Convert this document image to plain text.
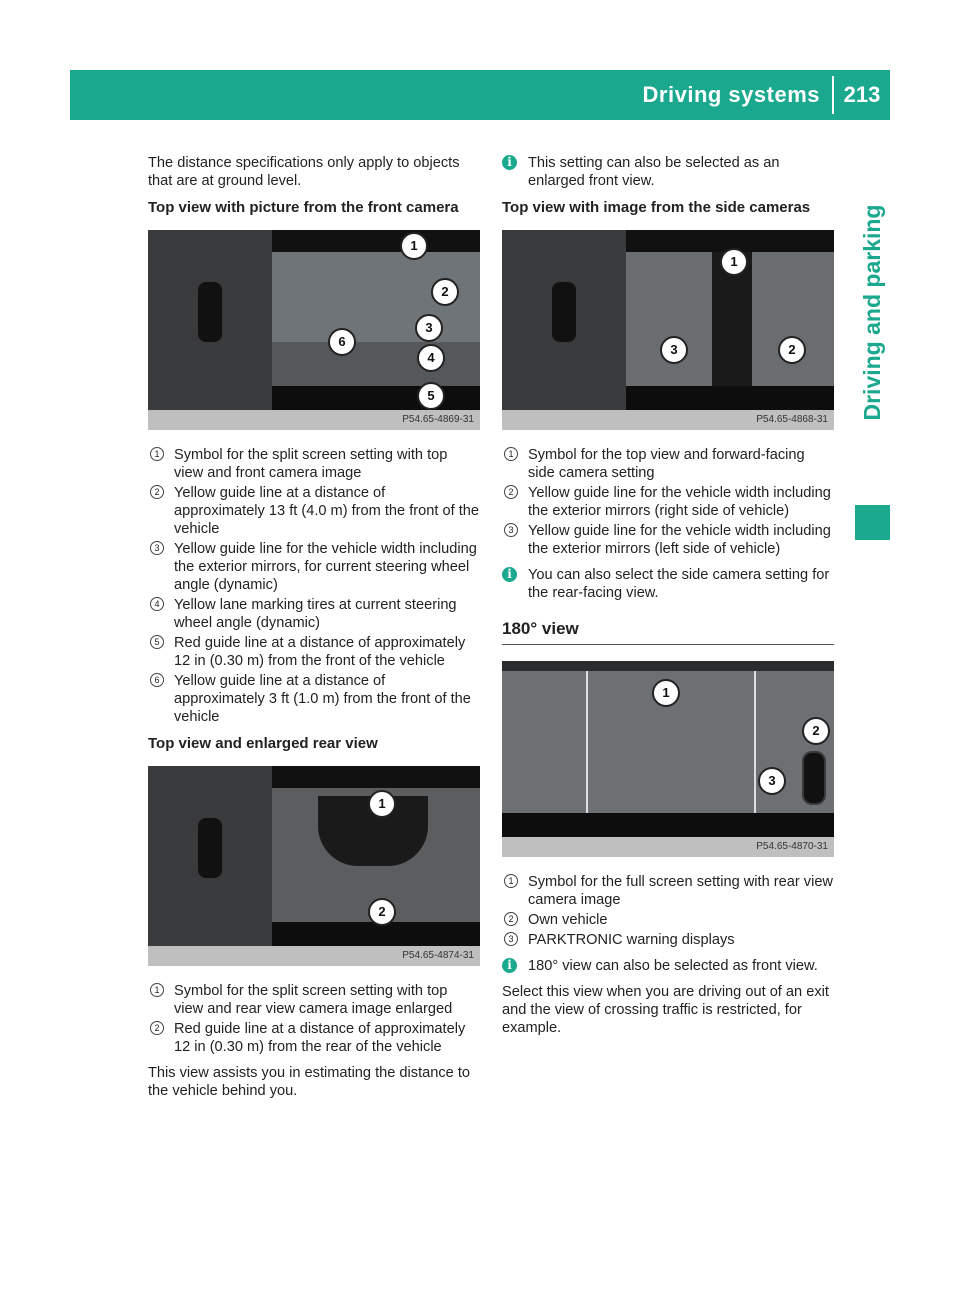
Driving systems	213
Driving and parking

The distance specifications only apply to objects that are at ground level.

Top view with picture from the front camera
1
2
3
4
5
6
P54.65-4869-31
1 Symbol for the split screen setting with top view and front camera image
2 Yellow guide line at a distance of approximately 13 ft (4.0 m) from the front of the vehicle
3 Yellow guide line for the vehicle width including the exterior mirrors, for current steering wheel angle (dynamic)
4 Yellow lane marking tires at current steering wheel angle (dynamic)
5 Red guide line at a distance of approximately 12 in (0.30 m) from the front of the vehicle
6 Yellow guide line at a distance of approximately 3 ft (1.0 m) from the front of the vehicle
Top view and enlarged rear view
1
2
P54.65-4874-31
1 Symbol for the split screen setting with top view and rear view camera image enlarged
2 Red guide line at a distance of approximately 12 in (0.30 m) from the rear of the vehicle

This view assists you in estimating the distance to the vehicle behind you.

i	This setting can also be selected as an enlarged front view.
Top view with image from the side cameras
1
2
3
P54.65-4868-31
1 Symbol for the top view and forward-facing side camera setting
2 Yellow guide line for the vehicle width including the exterior mirrors (right side of vehicle)
3 Yellow guide line for the vehicle width including the exterior mirrors (left side of vehicle)
i	You can also select the side camera setting for the rear-facing view.
180° view
1
2
3
P54.65-4870-31
1 Symbol for the full screen setting with rear view camera image
2 Own vehicle
3 PARKTRONIC warning displays
i	180° view can also be selected as front view.

Select this view when you are driving out of an exit and the view of crossing traffic is restricted, for example.
